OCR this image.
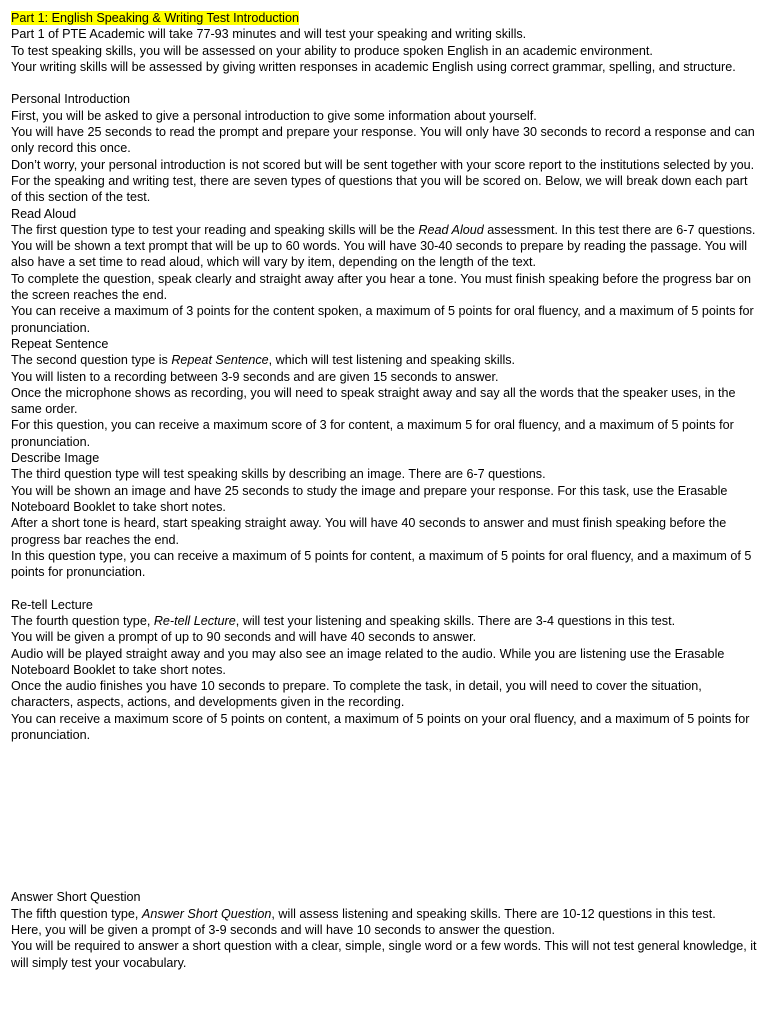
Part 1: English Speaking & Writing Test Introduction

Part 1 of PTE Academic will take 77-93 minutes and will test your speaking and writing skills.

To test speaking skills, you will be assessed on your ability to produce spoken English in an academic environment.

Your writing skills will be assessed by giving written responses in academic English using correct grammar, spelling, and structure.

Personal Introduction

First, you will be asked to give a personal introduction to give some information about yourself.

You will have 25 seconds to read the prompt and prepare your response. You will only have 30 seconds to record a response and can only record this once.

Don’t worry, your personal introduction is not scored but will be sent together with your score report to the institutions selected by you.

For the speaking and writing test, there are seven types of questions that you will be scored on. Below, we will break down each part of this section of the test.

Read Aloud

The first question type to test your reading and speaking skills will be the Read Aloud assessment. In this test there are 6-7 questions.

You will be shown a text prompt that will be up to 60 words. You will have 30-40 seconds to prepare by reading the passage. You will also have a set time to read aloud, which will vary by item, depending on the length of the text.

To complete the question, speak clearly and straight away after you hear a tone. You must finish speaking before the progress bar on the screen reaches the end.

You can receive a maximum of 3 points for the content spoken, a maximum of 5 points for oral fluency, and a maximum of 5 points for pronunciation.

Repeat Sentence

The second question type is Repeat Sentence, which will test listening and speaking skills.

You will listen to a recording between 3-9 seconds and are given 15 seconds to answer.

Once the microphone shows as recording, you will need to speak straight away and say all the words that the speaker uses, in the same order.

For this question, you can receive a maximum score of 3 for content, a maximum 5 for oral fluency, and a maximum of 5 points for pronunciation.

Describe Image

The third question type will test speaking skills by describing an image. There are 6-7 questions.

You will be shown an image and have 25 seconds to study the image and prepare your response. For this task, use the Erasable Noteboard Booklet to take short notes.

After a short tone is heard, start speaking straight away. You will have 40 seconds to answer and must finish speaking before the progress bar reaches the end.

In this question type, you can receive a maximum of 5 points for content, a maximum of 5 points for oral fluency, and a maximum of 5 points for pronunciation.

Re-tell Lecture

The fourth question type, Re-tell Lecture, will test your listening and speaking skills. There are 3-4 questions in this test.

You will be given a prompt of up to 90 seconds and will have 40 seconds to answer.

Audio will be played straight away and you may also see an image related to the audio. While you are listening use the Erasable Noteboard Booklet to take short notes.

Once the audio finishes you have 10 seconds to prepare. To complete the task, in detail, you will need to cover the situation, characters, aspects, actions, and developments given in the recording.

You can receive a maximum score of 5 points on content, a maximum of 5 points on your oral fluency, and a maximum of 5 points for pronunciation.

Answer Short Question

The fifth question type, Answer Short Question, will assess listening and speaking skills. There are 10-12 questions in this test.

Here, you will be given a prompt of 3-9 seconds and will have 10 seconds to answer the question.

You will be required to answer a short question with a clear, simple, single word or a few words. This will not test general knowledge, it will simply test your vocabulary.
